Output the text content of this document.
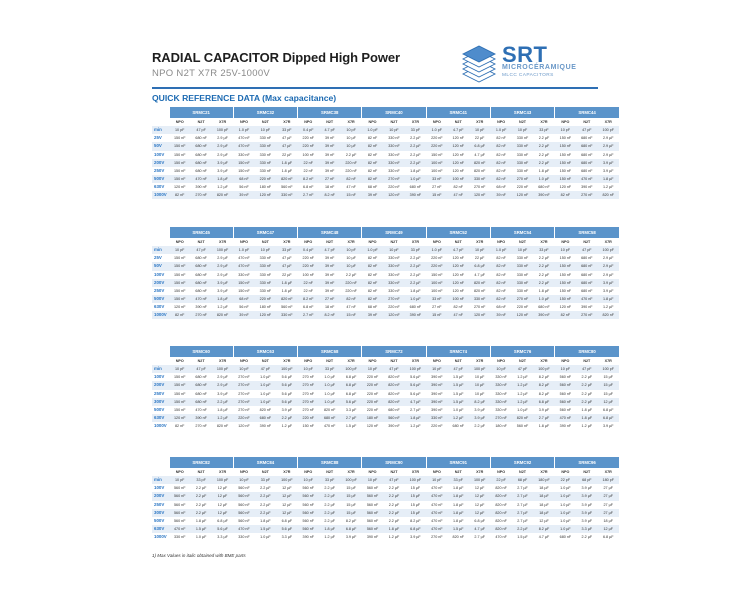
RADIAL CAPACITOR Dipped High Power
NPO N2T X7R 25V-1000V
SRT
MICROCÉRAMIQUE
MLCC CAPACITORS
QUICK REFERENCE DATA (Max capacitance)
	SRMC21			SRMC32			SRMC38			SRMC40			SRMC41			SRMC43			SRMC44		
	NPO	N2T	X7R	NPO	N2T	X7R	NPO	N2T	X7R	NPO	N2T	X7R	NPO	N2T	X7R	NPO	N2T	X7R	NPO	N2T	X7R
min	10 pF	47 pF	100 pF	1.0 pF	10 pF	33 pF	0.4 pF	4.7 pF	10 pF	1.0 pF	10 pF	33 pF	1.0 pF	4.7 pF	10 pF	1.0 pF	10 pF	33 pF	10 pF	47 pF	100 pF
25V	150 nF	680 nF	2.9 µF	470 nF	330 nF	47 µF	220 nF	39 nF	10 µF	82 nF	330 nF	2.2 µF	220 nF	120 nF	22 µF	82 nF	330 nF	2.2 µF	150 nF	680 nF	2.9 µF
50V	150 nF	680 nF	2.9 µF	470 nF	330 nF	47 µF	220 nF	39 nF	10 µF	82 nF	330 nF	2.2 µF	220 nF	120 nF	6.8 µF	82 nF	330 nF	2.2 µF	150 nF	680 nF	2.9 µF
100V	150 nF	680 nF	2.9 µF	330 nF	330 nF	22 µF	100 nF	39 nF	2.2 µF	82 nF	330 nF	2.2 µF	150 nF	120 nF	4.7 µF	82 nF	330 nF	2.2 µF	150 nF	680 nF	2.9 µF
200V	150 nF	680 nF	3.9 µF	150 nF	330 nF	1.8 µF	22 nF	39 nF	220 nF	82 nF	330 nF	2.2 µF	100 nF	120 nF	820 nF	82 nF	330 nF	2.2 µF	150 nF	680 nF	3.9 µF
250V	150 nF	680 nF	3.9 µF	150 nF	330 nF	1.8 µF	22 nF	39 nF	220 nF	82 nF	330 nF	1.8 µF	100 nF	120 nF	820 nF	82 nF	330 nF	1.8 µF	150 nF	680 nF	3.9 µF
500V	150 nF	470 nF	1.8 µF	68 nF	220 nF	820 nF	8.2 nF	27 nF	82 nF	82 nF	270 nF	1.0 µF	33 nF	100 nF	330 nF	82 nF	270 nF	1.0 µF	150 nF	470 nF	1.8 µF
630V	120 nF	390 nF	1.2 µF	56 nF	180 nF	560 nF	6.8 nF	18 nF	47 nF	68 nF	220 nF	680 nF	27 nF	82 nF	270 nF	68 nF	220 nF	680 nF	120 nF	390 nF	1.2 µF
1000V	82 nF	270 nF	820 nF	39 nF	120 nF	330 nF	2.7 nF	8.2 nF	15 nF	39 nF	120 nF	390 nF	15 nF	47 nF	120 nF	39 nF	120 nF	390 nF	82 nF	270 nF	820 nF
	SRMC45			SRMC47			SRMC48			SRMC49			SRMC52			SRMC54			SRMC58		
	NPO	N2T	X7R	NPO	N2T	X7R	NPO	N2T	X7R	NPO	N2T	X7R	NPO	N2T	X7R	NPO	N2T	X7R	NPO	N2T	X7R
min	10 pF	47 pF	100 pF	1.0 pF	10 pF	33 pF	0.4 pF	4.7 pF	10 pF	1.0 pF	10 pF	33 pF	1.0 pF	4.7 pF	10 pF	1.0 pF	10 pF	33 pF	10 pF	47 pF	100 pF
25V	150 nF	680 nF	2.9 µF	470 nF	330 nF	47 µF	220 nF	39 nF	10 µF	82 nF	330 nF	2.2 µF	220 nF	120 nF	22 µF	82 nF	330 nF	2.2 µF	150 nF	680 nF	2.9 µF
50V	150 nF	680 nF	2.9 µF	470 nF	330 nF	47 µF	220 nF	39 nF	10 µF	82 nF	330 nF	2.2 µF	220 nF	120 nF	6.8 µF	82 nF	330 nF	2.2 µF	150 nF	680 nF	2.9 µF
100V	150 nF	680 nF	2.9 µF	330 nF	330 nF	22 µF	100 nF	39 nF	2.2 µF	82 nF	330 nF	2.2 µF	150 nF	120 nF	4.7 µF	82 nF	330 nF	2.2 µF	150 nF	680 nF	2.9 µF
200V	150 nF	680 nF	3.9 µF	150 nF	330 nF	1.8 µF	22 nF	39 nF	220 nF	82 nF	330 nF	2.2 µF	100 nF	120 nF	820 nF	82 nF	330 nF	2.2 µF	150 nF	680 nF	3.9 µF
250V	150 nF	680 nF	3.9 µF	150 nF	330 nF	1.8 µF	22 nF	39 nF	220 nF	82 nF	330 nF	1.8 µF	100 nF	120 nF	820 nF	82 nF	330 nF	1.8 µF	150 nF	680 nF	3.9 µF
500V	150 nF	470 nF	1.8 µF	68 nF	220 nF	820 nF	8.2 nF	27 nF	82 nF	82 nF	270 nF	1.0 µF	33 nF	100 nF	330 nF	82 nF	270 nF	1.0 µF	150 nF	470 nF	1.8 µF
630V	120 nF	390 nF	1.2 µF	56 nF	180 nF	560 nF	6.8 nF	18 nF	47 nF	68 nF	220 nF	680 nF	27 nF	82 nF	270 nF	68 nF	220 nF	680 nF	120 nF	390 nF	1.2 µF
1000V	82 nF	270 nF	820 nF	39 nF	120 nF	330 nF	2.7 nF	8.2 nF	15 nF	39 nF	120 nF	390 nF	15 nF	47 nF	120 nF	39 nF	120 nF	390 nF	82 nF	270 nF	820 nF
	SRMC60			SRMC63			SRMC68			SRMC72			SRMC74			SRMC76			SRMC80		
	NPO	N2T	X7R	NPO	N2T	X7R	NPO	N2T	X7R	NPO	N2T	X7R	NPO	N2T	X7R	NPO	N2T	X7R	NPO	N2T	X7R
min	10 pF	47 pF	100 pF	10 pF	47 pF	100 pF	10 pF	33 pF	100 pF	10 pF	47 pF	100 pF	10 pF	47 pF	100 pF	10 pF	47 pF	100 pF	10 pF	47 pF	100 pF
100V	150 nF	680 nF	2.9 µF	270 nF	1.0 µF	5.6 µF	270 nF	1.0 µF	6.8 µF	220 nF	820 nF	5.6 µF	390 nF	1.5 µF	10 µF	330 nF	1.2 µF	8.2 µF	560 nF	2.2 µF	15 µF
200V	150 nF	680 nF	2.9 µF	270 nF	1.0 µF	5.6 µF	270 nF	1.0 µF	6.8 µF	220 nF	820 nF	5.6 µF	390 nF	1.5 µF	10 µF	330 nF	1.2 µF	8.2 µF	560 nF	2.2 µF	15 µF
250V	150 nF	680 nF	3.9 µF	270 nF	1.0 µF	5.6 µF	270 nF	1.0 µF	6.8 µF	220 nF	820 nF	5.6 µF	390 nF	1.5 µF	10 µF	330 nF	1.2 µF	8.2 µF	560 nF	2.2 µF	15 µF
300V	150 nF	680 nF	2.2 µF	270 nF	1.0 µF	5.6 µF	270 nF	1.0 µF	5.6 µF	220 nF	820 nF	4.7 µF	390 nF	1.5 µF	8.2 µF	330 nF	1.2 µF	6.8 µF	560 nF	2.2 µF	12 µF
500V	150 nF	470 nF	1.8 µF	270 nF	820 nF	3.9 µF	270 nF	820 nF	3.3 µF	220 nF	680 nF	2.7 µF	390 nF	1.0 µF	3.9 µF	330 nF	1.0 µF	3.9 µF	560 nF	1.8 µF	6.8 µF
630V	120 nF	390 nF	1.2 µF	220 nF	680 nF	2.2 µF	220 nF	680 nF	2.7 µF	180 nF	560 nF	1.8 µF	330 nF	1.2 µF	3.9 µF	270 nF	820 nF	2.7 µF	470 nF	1.8 µF	6.8 µF
1000V	82 nF	270 nF	820 nF	120 nF	390 nF	1.2 µF	150 nF	470 nF	1.5 µF	120 nF	390 nF	1.2 µF	220 nF	680 nF	2.2 µF	180 nF	560 nF	1.8 µF	390 nF	1.2 µF	3.9 µF
	SRMC82			SRMC84			SRMC88			SRMC90			SRMC91			SRMC92			SRMC96		
	NPO	N2T	X7R	NPO	N2T	X7R	NPO	N2T	X7R	NPO	N2T	X7R	NPO	N2T	X7R	NPO	N2T	X7R	NPO	N2T	X7R
min	10 pF	33 pF	100 pF	10 pF	33 pF	100 pF	10 pF	33 pF	100 pF	10 pF	47 pF	100 pF	10 pF	33 pF	100 pF	22 pF	68 pF	180 pF	22 pF	68 pF	180 pF
100V	560 nF	2.2 µF	12 µF	560 nF	2.2 µF	12 µF	560 nF	2.2 µF	15 µF	560 nF	2.2 µF	15 µF	470 nF	1.8 µF	12 µF	820 nF	2.7 µF	18 µF	1.0 µF	3.9 µF	27 µF
200V	560 nF	2.2 µF	12 µF	560 nF	2.2 µF	12 µF	560 nF	2.2 µF	15 µF	560 nF	2.2 µF	15 µF	470 nF	1.8 µF	12 µF	820 nF	2.7 µF	18 µF	1.0 µF	3.9 µF	27 µF
250V	560 nF	2.2 µF	12 µF	560 nF	2.2 µF	12 µF	560 nF	2.2 µF	15 µF	560 nF	2.2 µF	15 µF	470 nF	1.8 µF	12 µF	820 nF	2.7 µF	18 µF	1.0 µF	3.9 µF	27 µF
300V	560 nF	2.2 µF	12 µF	560 nF	2.2 µF	12 µF	560 nF	2.2 µF	15 µF	560 nF	2.2 µF	15 µF	470 nF	1.8 µF	12 µF	820 nF	2.7 µF	18 µF	1.0 µF	3.9 µF	27 µF
500V	560 nF	1.8 µF	6.8 µF	560 nF	1.8 µF	6.8 µF	560 nF	2.2 µF	8.2 µF	560 nF	2.2 µF	8.2 µF	470 nF	1.8 µF	6.8 µF	820 nF	2.7 µF	12 µF	1.0 µF	3.9 µF	18 µF
630V	470 nF	1.5 µF	5.6 µF	470 nF	1.5 µF	5.6 µF	560 nF	1.8 µF	6.8 µF	560 nF	1.8 µF	6.8 µF	470 nF	1.5 µF	4.7 µF	820 nF	2.2 µF	8.2 µF	1.0 µF	3.3 µF	12 µF
1000V	330 nF	1.0 µF	3.3 µF	330 nF	1.0 µF	3.3 µF	390 nF	1.2 µF	3.9 µF	390 nF	1.2 µF	3.9 µF	270 nF	820 nF	2.7 µF	470 nF	1.5 µF	4.7 µF	680 nF	2.2 µF	6.8 µF
1) Max Values in italic obtained with BME parts
